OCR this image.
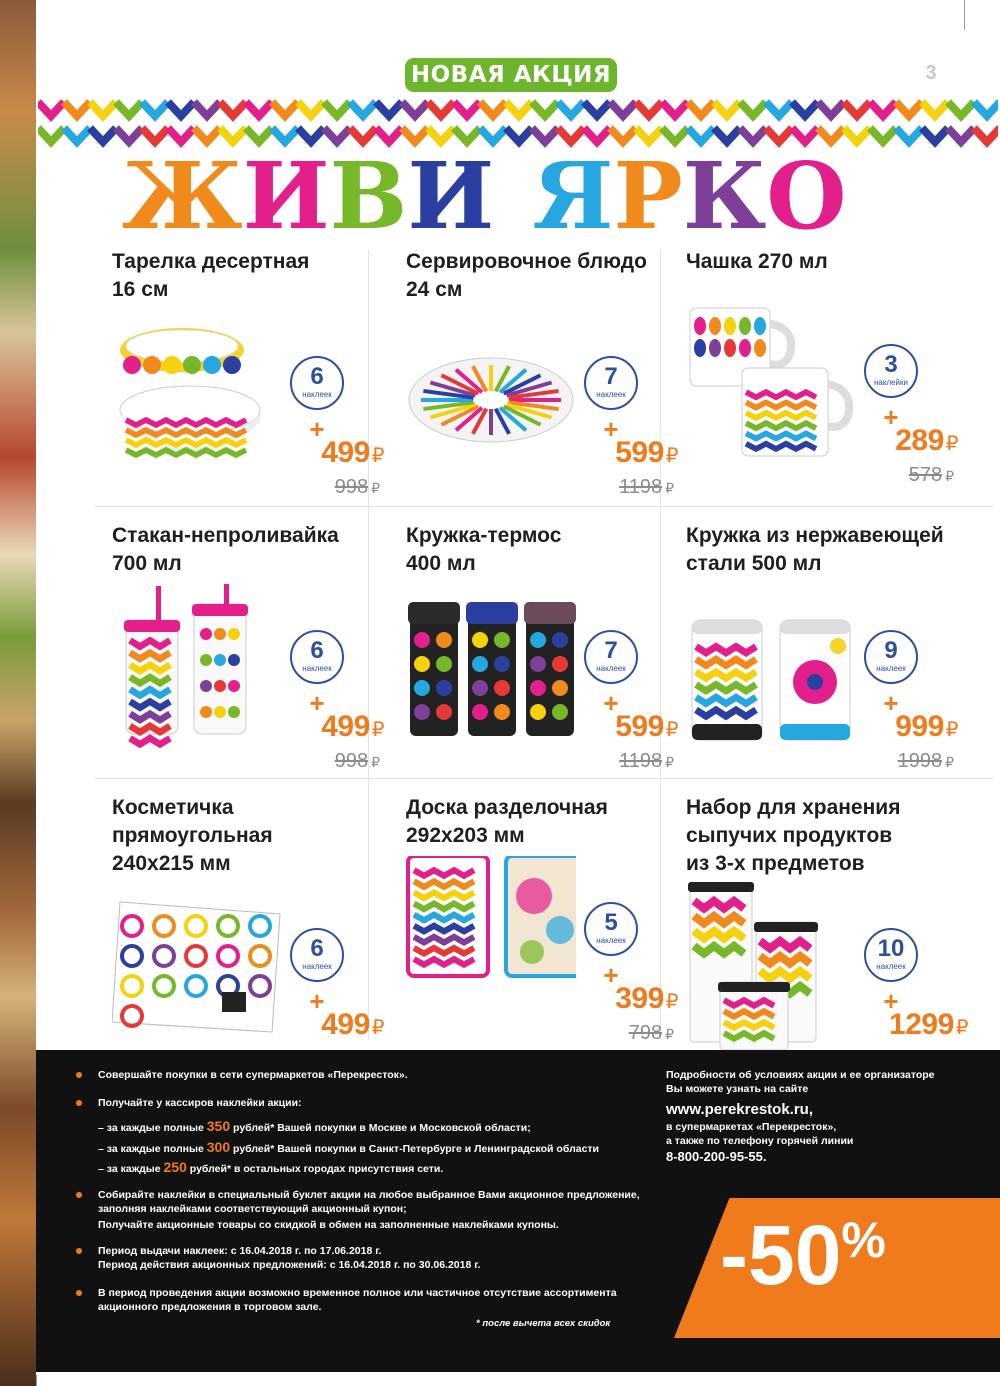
НОВАЯ АКЦИЯ	3
Ж И В И Я Р К О
Тарелка десертная
16 см
6
наклеек
+
499 ₽
998 ₽
Сервировочное блюдо
24 см
7
наклеек
+
599 ₽
1198 ₽
Чашка 270 мл
3
наклейки
+
289 ₽
578 ₽
Стакан-непроливайка
700 мл
6
наклеек
+
499 ₽
998 ₽
Кружка-термос
400 мл
7
наклеек
+
599 ₽
1198 ₽
Кружка из нержавеющей
стали 500 мл
9
наклеек
+
999 ₽
1998 ₽
Косметичка
прямоугольная
240x215 мм
6
наклеек
+
499 ₽
Доска разделочная
292x203 мм
5
наклеек
+
399 ₽
798 ₽
Набор для хранения
сыпучих продуктов
из 3-х предметов
10
наклеек
+
1299 ₽
Совершайте покупки в сети супермаркетов «Перекресток».
Получайте у кассиров наклейки акции:
– за каждые полные 350 рублей* Вашей покупки в Москве и Московской области;
– за каждые полные 300 рублей* Вашей покупки в Санкт-Петербурге и Ленинградской области
– за каждые 250 рублей* в остальных городах присутствия сети.
Собирайте наклейки в специальный буклет акции на любое выбранное Вами акционное предложение,
заполняя наклейками соответствующий акционный купон;
Получайте акционные товары со скидкой в обмен на заполненные наклейками купоны.
Период выдачи наклеек: с 16.04.2018 г. по 17.06.2018 г.
Период действия акционных предложений: с 16.04.2018 г. по 30.06.2018 г.
В период проведения акции возможно временное полное или частичное отсутствие ассортимента
акционного предложения в торговом зале.
* после вычета всех скидок
Подробности об условиях акции и ее организаторе
Вы можете узнать на сайте
www.perekrestok.ru,
в супермаркетах «Перекресток»,
а также по телефону горячей линии
8-800-200-95-55.
-50%
